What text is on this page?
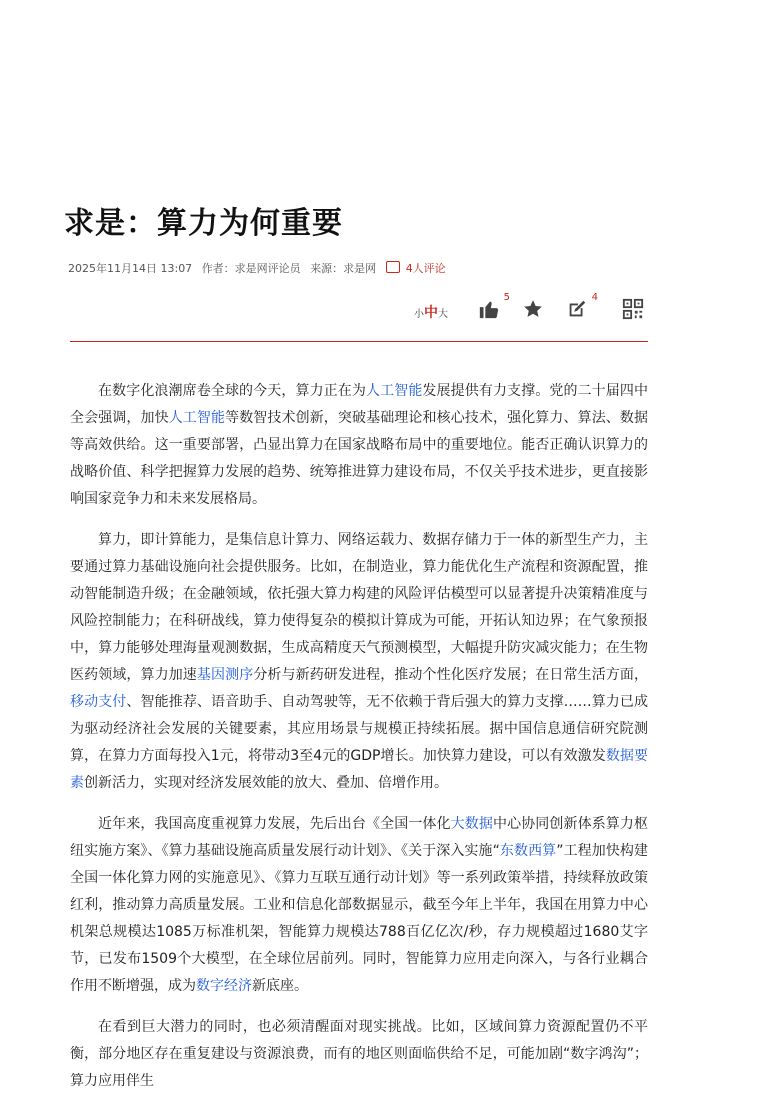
求是：算力为何重要
2025年11月14日 13:07 作者：求是网评论员 来源：求是网	4人评论
小中大
5	4

在数字化浪潮席卷全球的今天，算力正在为人工智能发展提供有力支撑。党的二十届四中全会强调，加快人工智能等数智技术创新，突破基础理论和核心技术，强化算力、算法、数据等高效供给。这一重要部署，凸显出算力在国家战略布局中的重要地位。能否正确认识算力的战略价值、科学把握算力发展的趋势、统筹推进算力建设布局，不仅关乎技术进步，更直接影响国家竞争力和未来发展格局。

算力，即计算能力，是集信息计算力、网络运载力、数据存储力于一体的新型生产力，主要通过算力基础设施向社会提供服务。比如，在制造业，算力能优化生产流程和资源配置，推动智能制造升级；在金融领域，依托强大算力构建的风险评估模型可以显著提升决策精准度与风险控制能力；在科研战线，算力使得复杂的模拟计算成为可能，开拓认知边界；在气象预报中，算力能够处理海量观测数据，生成高精度天气预测模型，大幅提升防灾减灾能力；在生物医药领域，算力加速基因测序分析与新药研发进程，推动个性化医疗发展；在日常生活方面，移动支付、智能推荐、语音助手、自动驾驶等，无不依赖于背后强大的算力支撑……算力已成为驱动经济社会发展的关键要素，其应用场景与规模正持续拓展。据中国信息通信研究院测算，在算力方面每投入1元，将带动3至4元的GDP增长。加快算力建设，可以有效激发数据要素创新活力，实现对经济发展效能的放大、叠加、倍增作用。

近年来，我国高度重视算力发展，先后出台《全国一体化大数据中心协同创新体系算力枢纽实施方案》、《算力基础设施高质量发展行动计划》、《关于深入实施“东数西算”工程加快构建全国一体化算力网的实施意见》、《算力互联互通行动计划》等一系列政策举措，持续释放政策红利，推动算力高质量发展。工业和信息化部数据显示，截至今年上半年，我国在用算力中心机架总规模达1085万标准机架，智能算力规模达788百亿亿次/秒，存力规模超过1680艾字节，已发布1509个大模型，在全球位居前列。同时，智能算力应用走向深入，与各行业耦合作用不断增强，成为数字经济新底座。

在看到巨大潜力的同时，也必须清醒面对现实挑战。比如，区域间算力资源配置仍不平衡，部分地区存在重复建设与资源浪费，而有的地区则面临供给不足，可能加剧“数字鸿沟”；算力应用伴生
